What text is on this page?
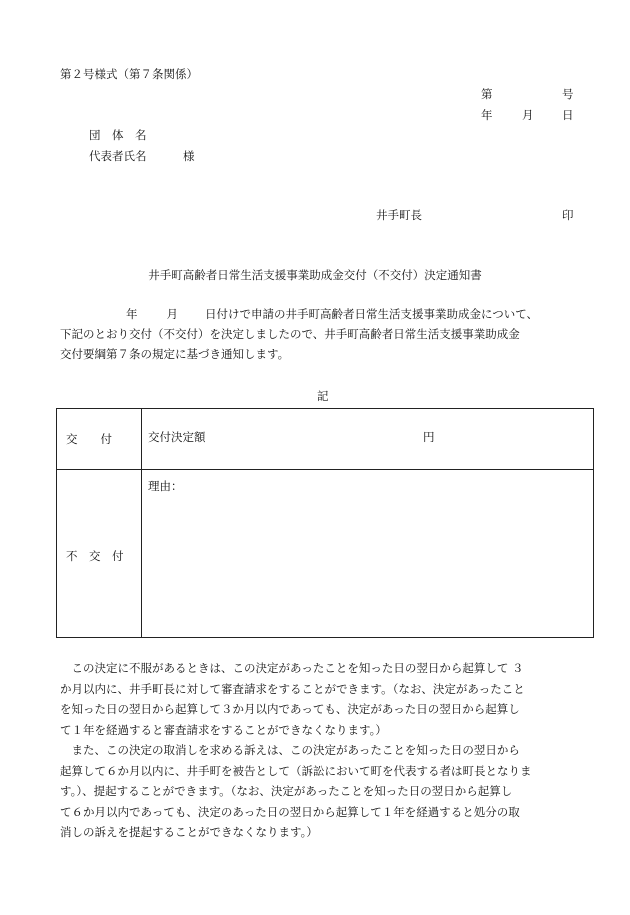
第２号様式（第７条関係）
第	号
年	月 日
団　体　名
代表者氏名	様
井手町長	印
井手町高齢者日常生活支援事業助成金交付（不交付）決定通知書
年	月 日付けで申請の井手町高齢者日常生活支援事業助成金について、
下記のとおり交付（不交付）を決定しましたので、井手町高齢者日常生活支援事業助成金
交付要綱第７条の規定に基づき通知します。
記
交　　付	交付決定額 円

不　交　付	理由：
　この決定に不服があるときは、この決定があったことを知った日の翌日から起算して ３
か月以内に、井手町長に対して審査請求をすることができます。（なお、決定があったこと
を知った日の翌日から起算して３か月以内であっても、決定があった日の翌日から起算し
て１年を経過すると審査請求をすることができなくなります。）
　また、この決定の取消しを求める訴えは、この決定があったことを知った日の翌日から
起算して６か月以内に、井手町を被告として（訴訟において町を代表する者は町長となりま
す。）、提起することができます。（なお、決定があったことを知った日の翌日から起算し
て６か月以内であっても、決定のあった日の翌日から起算して１年を経過すると処分の取
消しの訴えを提起することができなくなります。）
